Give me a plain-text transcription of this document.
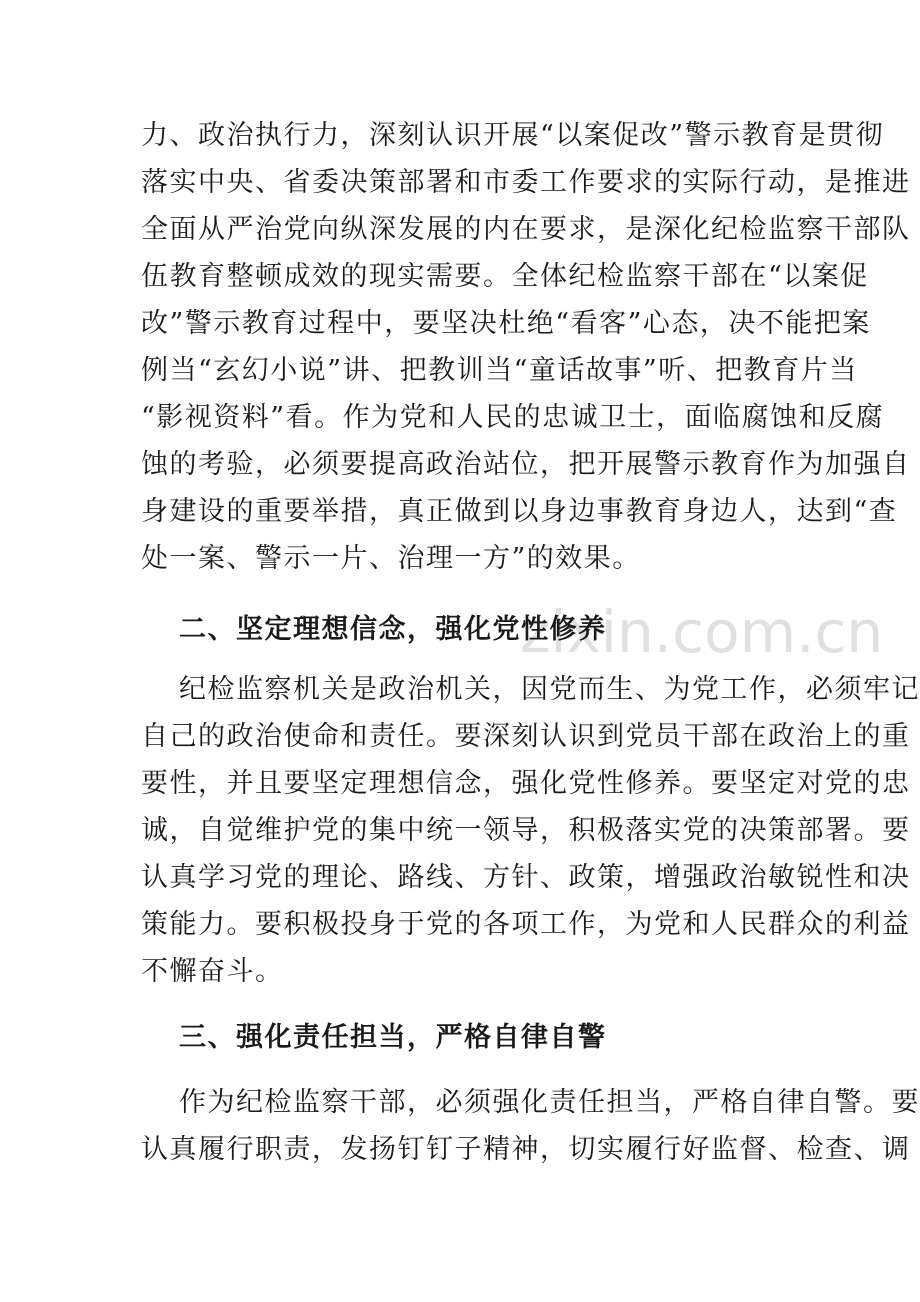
zixin.com.cn
力、政治执行力，深刻认识开展“以案促改”警示教育是贯彻
落实中央、省委决策部署和市委工作要求的实际行动，是推进
全面从严治党向纵深发展的内在要求，是深化纪检监察干部队
伍教育整顿成效的现实需要。全体纪检监察干部在“以案促
改”警示教育过程中，要坚决杜绝“看客”心态，决不能把案
例当“玄幻小说”讲、把教训当“童话故事”听、把教育片当
“影视资料”看。作为党和人民的忠诚卫士，面临腐蚀和反腐
蚀的考验，必须要提高政治站位，把开展警示教育作为加强自
身建设的重要举措，真正做到以身边事教育身边人，达到“查
处一案、警示一片、治理一方”的效果。
二、坚定理想信念，强化党性修养
纪检监察机关是政治机关，因党而生、为党工作，必须牢记
自己的政治使命和责任。要深刻认识到党员干部在政治上的重
要性，并且要坚定理想信念，强化党性修养。要坚定对党的忠
诚，自觉维护党的集中统一领导，积极落实党的决策部署。要
认真学习党的理论、路线、方针、政策，增强政治敏锐性和决
策能力。要积极投身于党的各项工作，为党和人民群众的利益
不懈奋斗。
三、强化责任担当，严格自律自警
作为纪检监察干部，必须强化责任担当，严格自律自警。要
认真履行职责，发扬钉钉子精神，切实履行好监督、检查、调
